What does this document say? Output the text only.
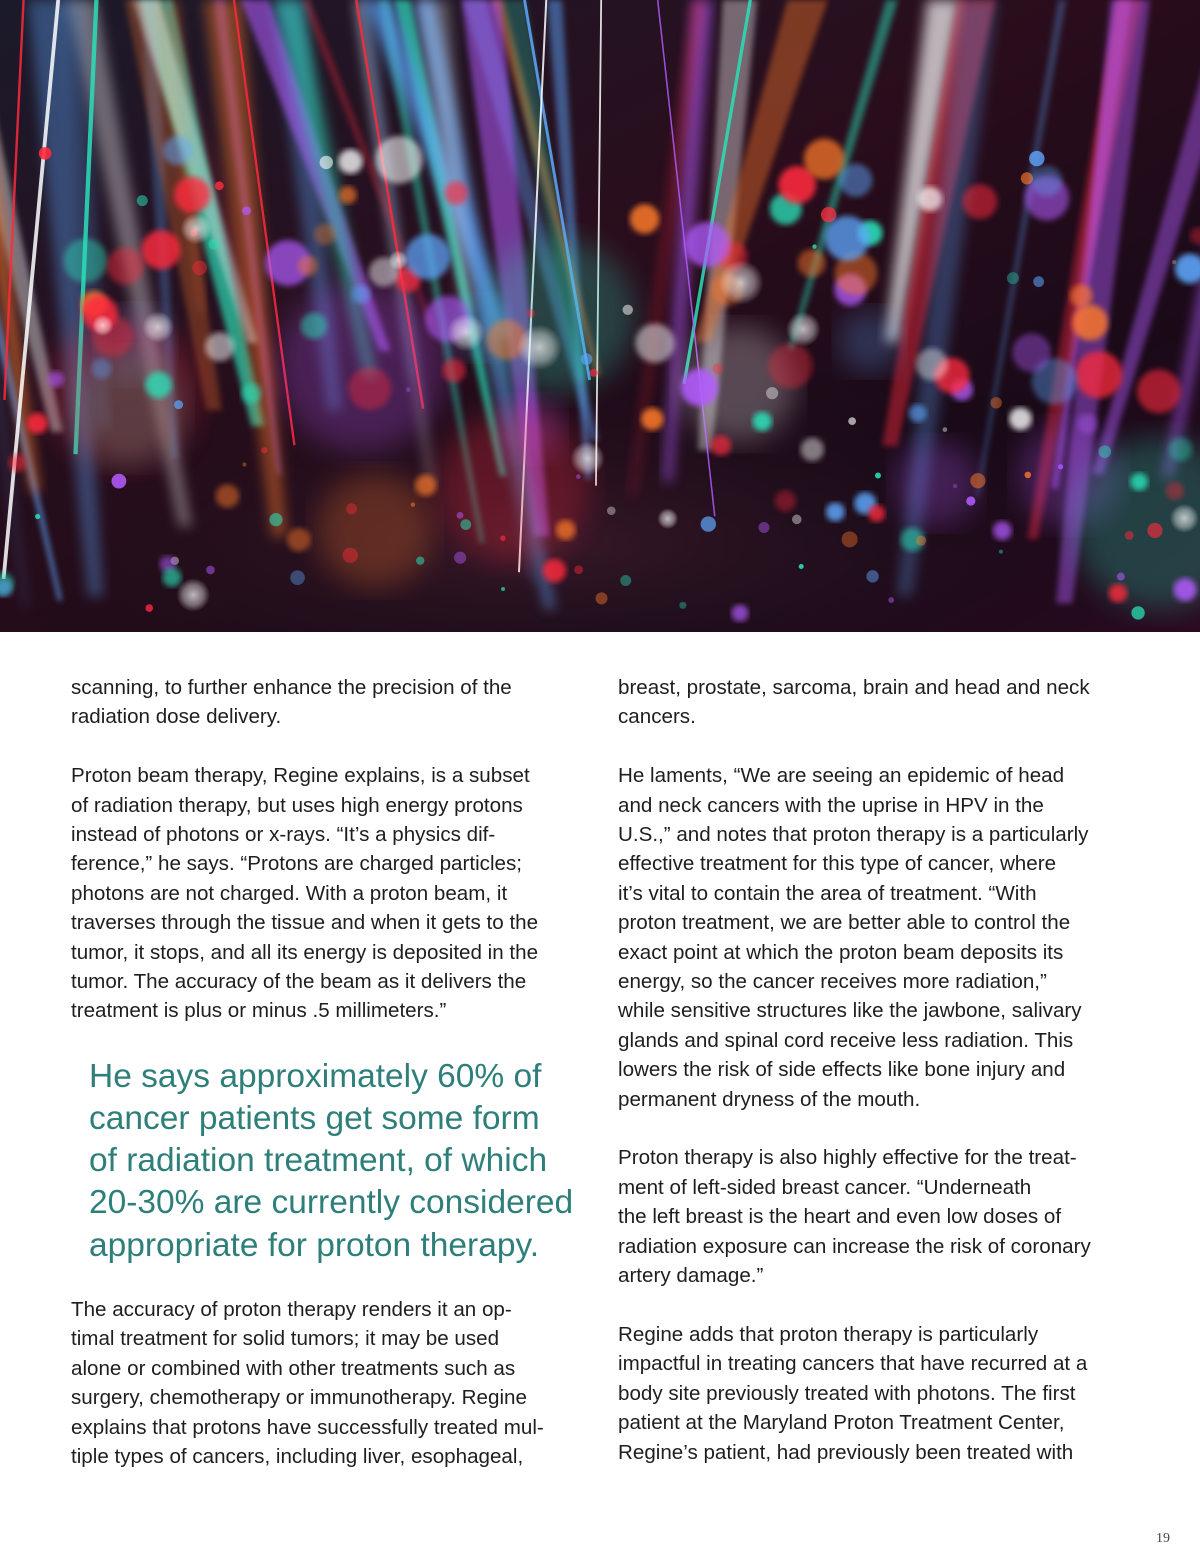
scanning, to further enhance the precision of the
radiation dose delivery.

Proton beam therapy, Regine explains, is a subset
of radiation therapy, but uses high energy protons
instead of photons or x-rays. “It’s a physics dif-
ference,” he says. “Protons are charged particles;
photons are not charged. With a proton beam, it
traverses through the tissue and when it gets to the
tumor, it stops, and all its energy is deposited in the
tumor. The accuracy of the beam as it delivers the
treatment is plus or minus .5 millimeters.”

He says approximately 60% of
cancer patients get some form
of radiation treatment, of which
20-30% are currently considered
appropriate for proton therapy.

The accuracy of proton therapy renders it an op-
timal treatment for solid tumors; it may be used
alone or combined with other treatments such as
surgery, chemotherapy or immunotherapy. Regine
explains that protons have successfully treated mul-
tiple types of cancers, including liver, esophageal,

breast, prostate, sarcoma, brain and head and neck
cancers.

He laments, “We are seeing an epidemic of head
and neck cancers with the uprise in HPV in the
U.S.,” and notes that proton therapy is a particularly
effective treatment for this type of cancer, where
it’s vital to contain the area of treatment. “With
proton treatment, we are better able to control the
exact point at which the proton beam deposits its
energy, so the cancer receives more radiation,”
while sensitive structures like the jawbone, salivary
glands and spinal cord receive less radiation. This
lowers the risk of side effects like bone injury and
permanent dryness of the mouth.

Proton therapy is also highly effective for the treat-
ment of left-sided breast cancer. “Underneath
the left breast is the heart and even low doses of
radiation exposure can increase the risk of coronary
artery damage.”

Regine adds that proton therapy is particularly
impactful in treating cancers that have recurred at a
body site previously treated with photons. The first
patient at the Maryland Proton Treatment Center,
Regine’s patient, had previously been treated with

19
